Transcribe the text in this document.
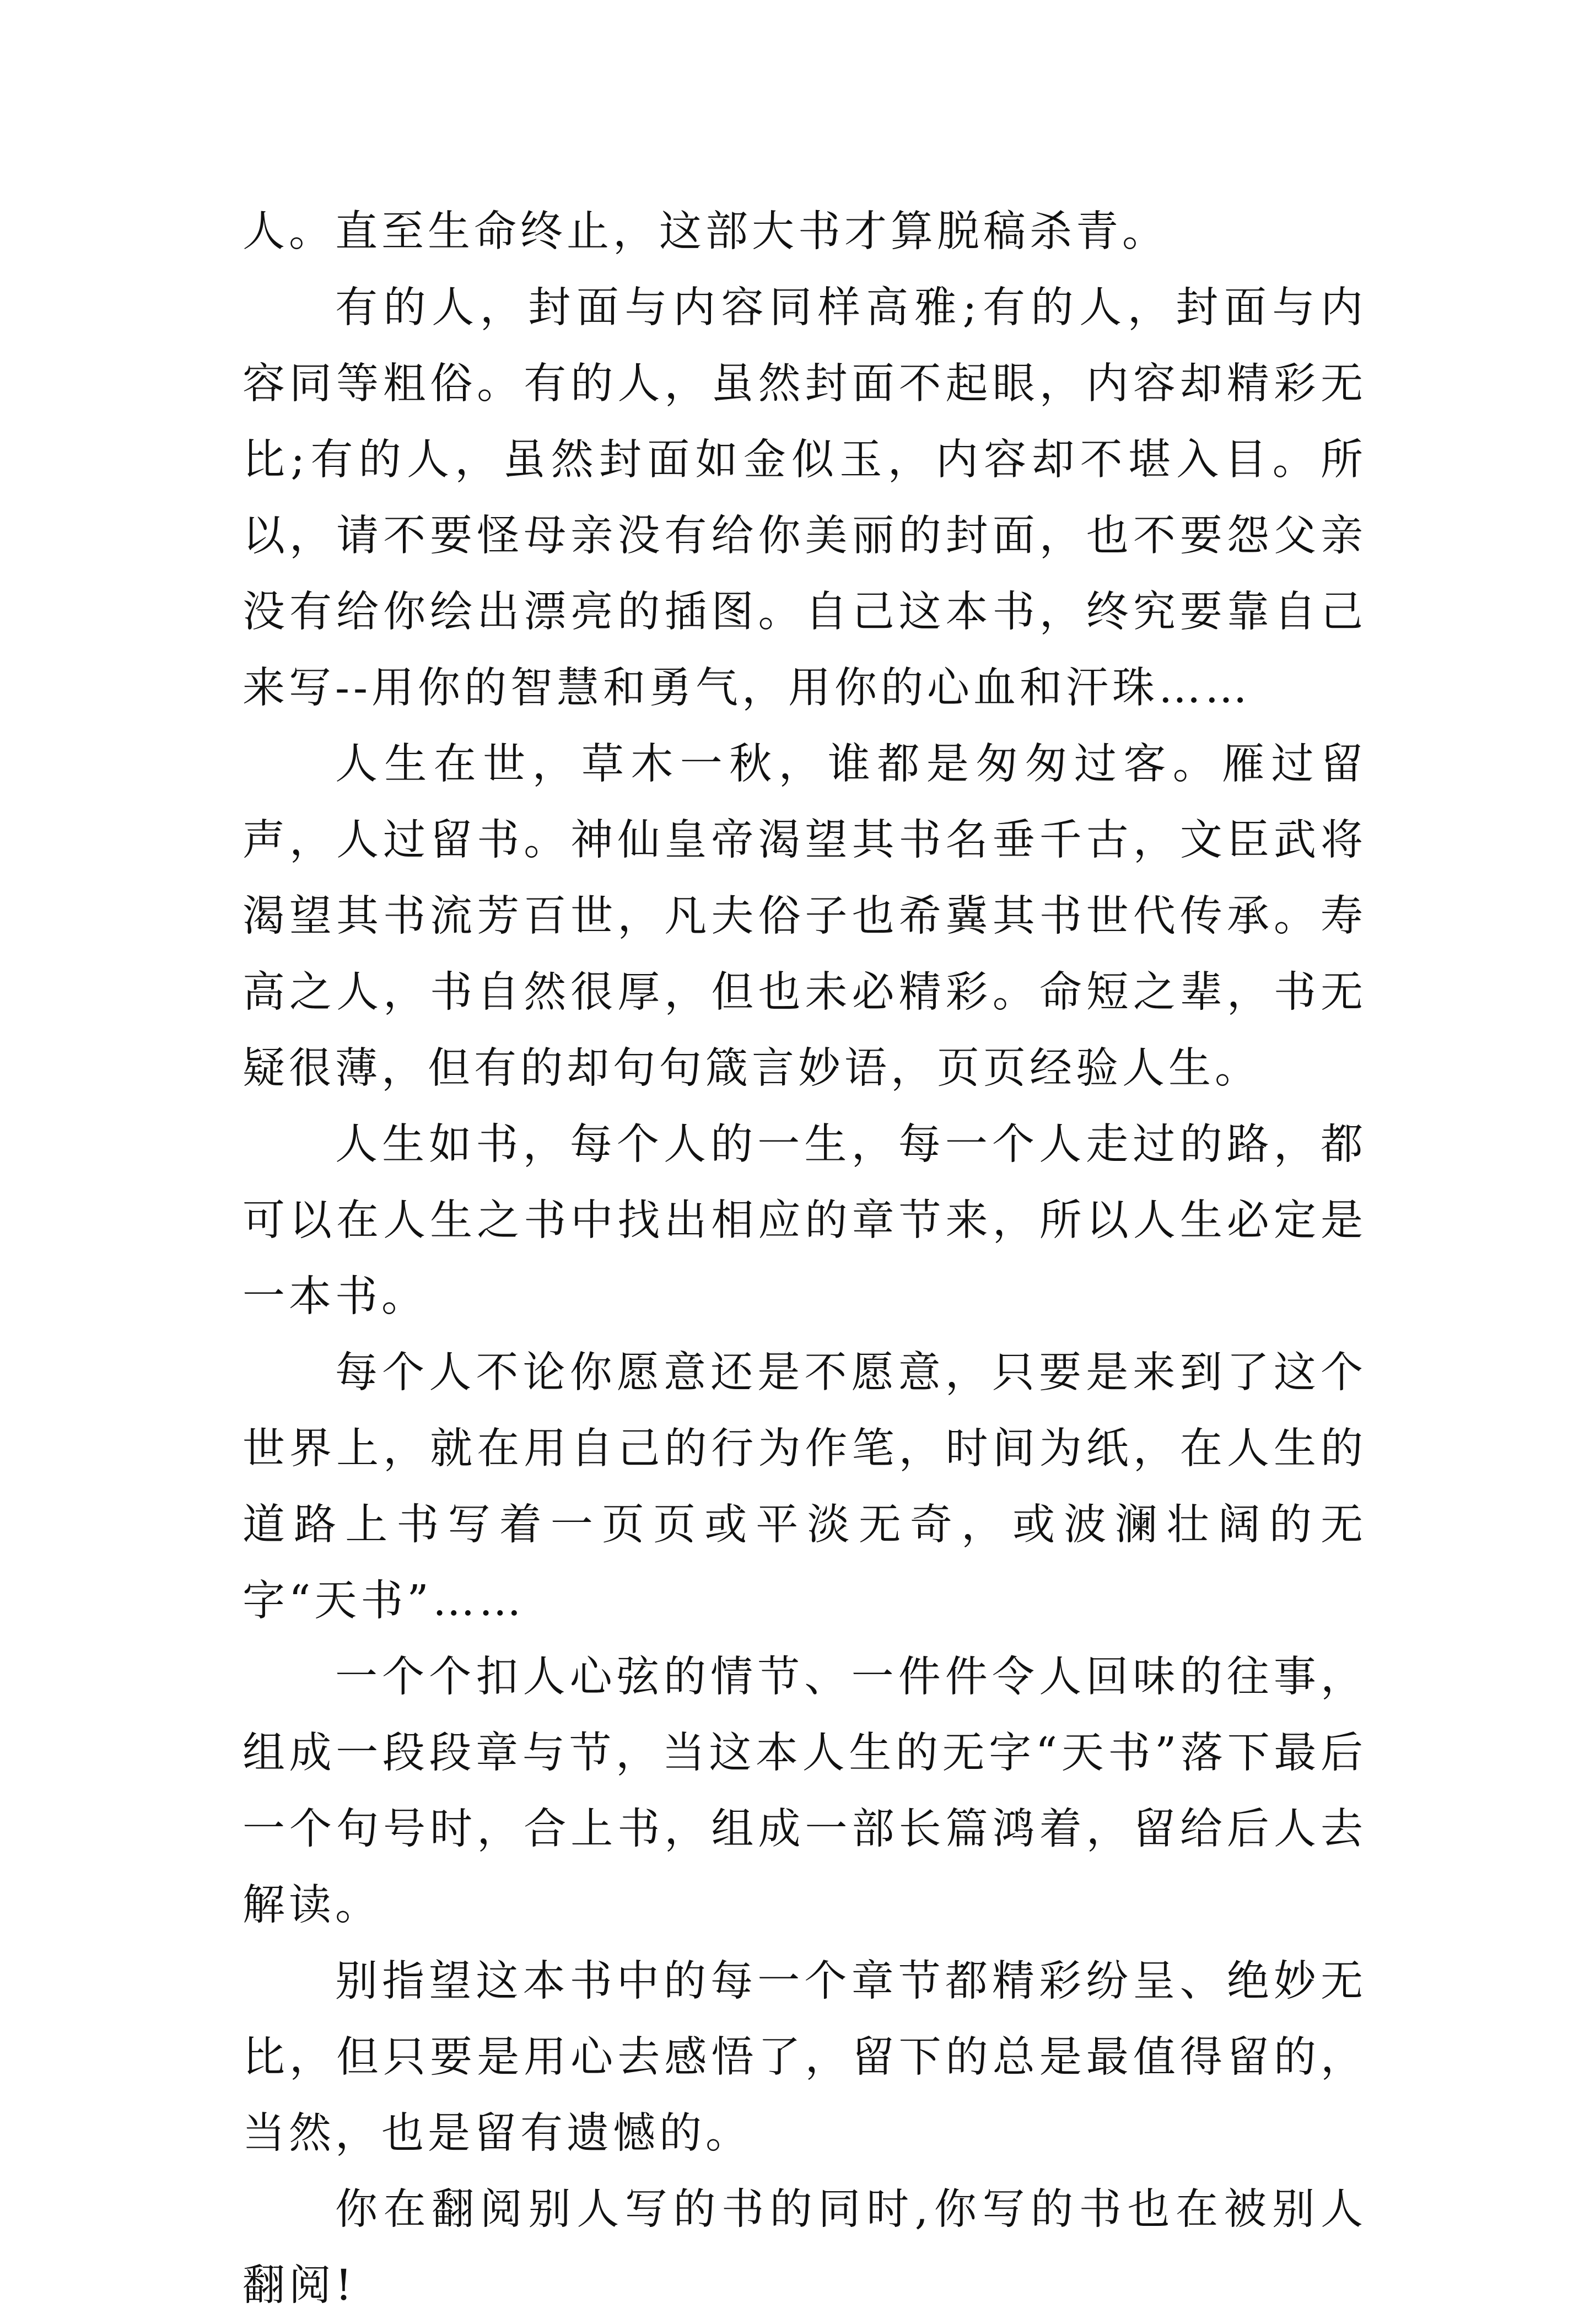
人。直至生命终止，这部大书才算脱稿杀青。

有的人，封面与内容同样高雅;有的人，封面与内容同等粗俗。有的人，虽然封面不起眼，内容却精彩无比;有的人，虽然封面如金似玉，内容却不堪入目。所以，请不要怪母亲没有给你美丽的封面，也不要怨父亲没有给你绘出漂亮的插图。自己这本书，终究要靠自己来写--用你的智慧和勇气，用你的心血和汗珠……

人生在世，草木一秋，谁都是匆匆过客。雁过留声，人过留书。神仙皇帝渴望其书名垂千古，文臣武将渴望其书流芳百世，凡夫俗子也希冀其书世代传承。寿高之人，书自然很厚，但也未必精彩。命短之辈，书无疑很薄，但有的却句句箴言妙语，页页经验人生。

人生如书，每个人的一生，每一个人走过的路，都可以在人生之书中找出相应的章节来，所以人生必定是一本书。

每个人不论你愿意还是不愿意，只要是来到了这个世界上，就在用自己的行为作笔，时间为纸，在人生的道路上书写着一页页或平淡无奇，或波澜壮阔的无字“天书”……

一个个扣人心弦的情节、一件件令人回味的往事，组成一段段章与节，当这本人生的无字“天书”落下最后一个句号时，合上书，组成一部长篇鸿着，留给后人去解读。

别指望这本书中的每一个章节都精彩纷呈、绝妙无比，但只要是用心去感悟了，留下的总是最值得留的，当然，也是留有遗憾的。

你在翻阅别人写的书的同时,你写的书也在被别人翻阅!
